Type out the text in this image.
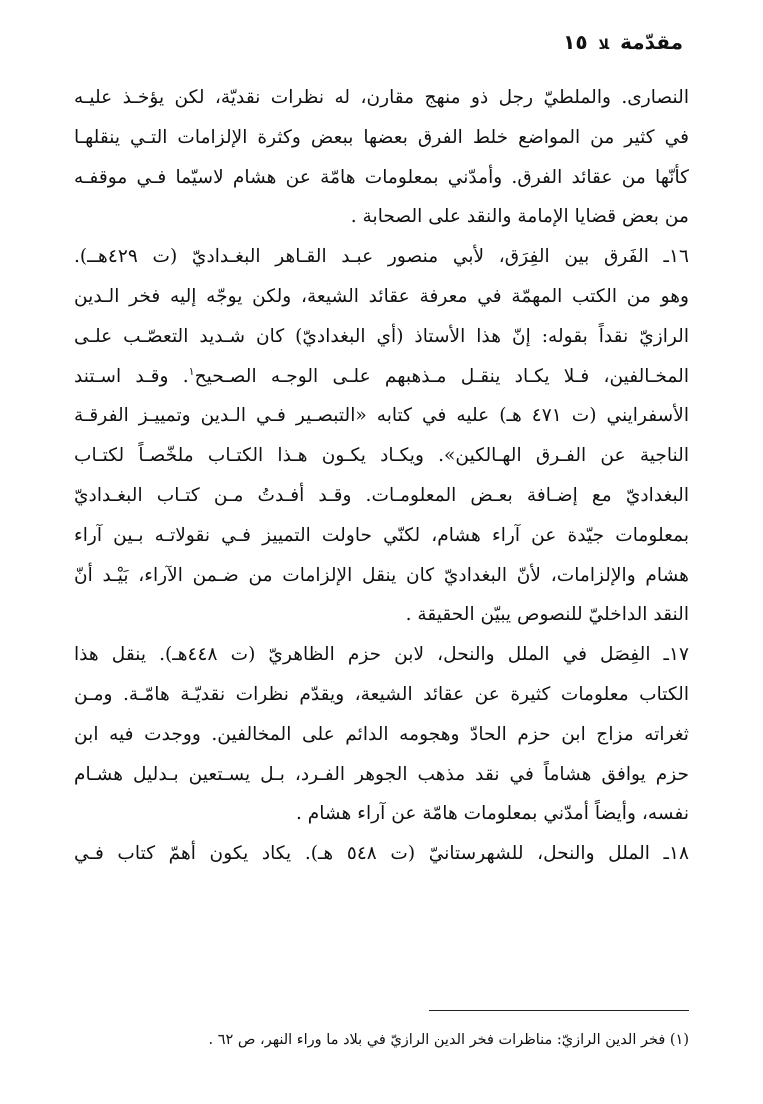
مقدّمة ﻼ ١٥
النصارى. والملطيّ رجل ذو منهج مقارن، له نظرات نقديّة، لكن يؤخـذ عليـه
في كثير من المواضع خلط الفرق بعضها ببعض وكثرة الإلزامات التـي ينقلهـا
كأنّها من عقائد الفرق. وأمدّني بمعلومات هامّة عن هشام لاسيّما فـي موقفـه
من بعض قضايا الإمامة والنقد على الصحابة .
١٦ـ الفَرق بين الفِرَق، لأبي منصور عبـد القـاهر البغـداديّ (ت ٤٢٩هــ).
وهو من الكتب المهمّة في معرفة عقائد الشيعة، ولكن يوجّه إليه فخر الـدين
الرازيّ نقداً بقوله: إنّ هذا الأستاذ (أي البغداديّ) كان شـديد التعصّـب علـى
المخـالفين، فـلا يكـاد ينقـل مـذهبهم علـى الوجـه الصـحيح$^١$. وقـد اسـتند
الأسفرايني (ت ٤٧١ هـ) عليه في كتابه «التبصـير فـي الـدين وتمييـز الفرقـة
الناجية عن الفـرق الهـالكين». ويكـاد يكـون هـذا الكتـاب ملخّصـاً لكتـاب
البغداديّ مع إضـافة بعـض المعلومـات. وقـد أفـدتُ مـن كتـاب البغـداديّ
بمعلومات جيّدة عن آراء هشام، لكنّي حاولت التمييز فـي نقولاتـه بـين آراء
هشام والإلزامات، لأنّ البغداديّ كان ينقل الإلزامات من ضـمن الآراء، بَيْـد أنّ
النقد الداخليّ للنصوص يبيّن الحقيقة .
١٧ـ الفِصَل في الملل والنحل، لابن حزم الظاهريّ (ت ٤٤٨هـ). ينقل هذا
الكتاب معلومات كثيرة عن عقائد الشيعة، ويقدّم نظرات نقديّـة هامّـة. ومـن
ثغراته مزاج ابن حزم الحادّ وهجومه الدائم على المخالفين. ووجدت فيه ابن
حزم يوافق هشاماً في نقد مذهب الجوهر الفـرد، بـل يسـتعين بـدليل هشـام
نفسه، وأيضاً أمدّني بمعلومات هامّة عن آراء هشام .
١٨ـ الملل والنحل، للشهرستانيّ (ت ٥٤٨ هـ). يكاد يكون أهمّ كتاب فـي
(١) فخر الدين الرازيّ: مناظرات فخر الدين الرازيّ في بلاد ما وراء النهر، ص ٦٢ .
